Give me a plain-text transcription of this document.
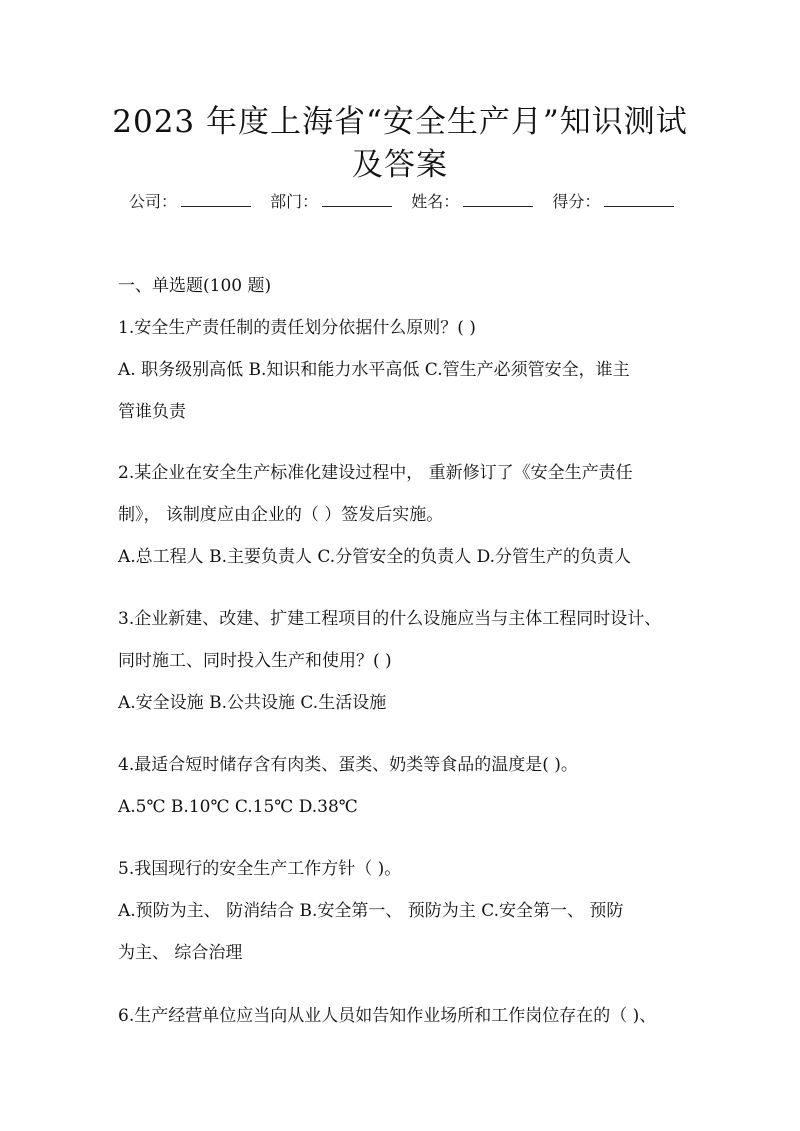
2023 年度上海省“安全生产月”知识测试
及答案
公司：	部门：	姓名：	得分：
一、单选题(100 题)
1.安全生产责任制的责任划分依据什么原则？( )
A. 职务级别高低 B.知识和能力水平高低 C.管生产必须管安全，谁主
管谁负责
2.某企业在安全生产标准化建设过程中， 重新修订了《安全生产责任
制》， 该制度应由企业的（ ）签发后实施。
A.总工程人 B.主要负责人 C.分管安全的负责人 D.分管生产的负责人
3.企业新建、改建、扩建工程项目的什么设施应当与主体工程同时设计、
同时施工、同时投入生产和使用？( )
A.安全设施 B.公共设施 C.生活设施
4.最适合短时储存含有肉类、蛋类、奶类等食品的温度是( )。
A.5℃ B.10℃ C.15℃ D.38℃
5.我国现行的安全生产工作方针（ )。
A.预防为主、 防消结合 B.安全第一、 预防为主 C.安全第一、 预防
为主、 综合治理
6.生产经营单位应当向从业人员如告知作业场所和工作岗位存在的（ )、
